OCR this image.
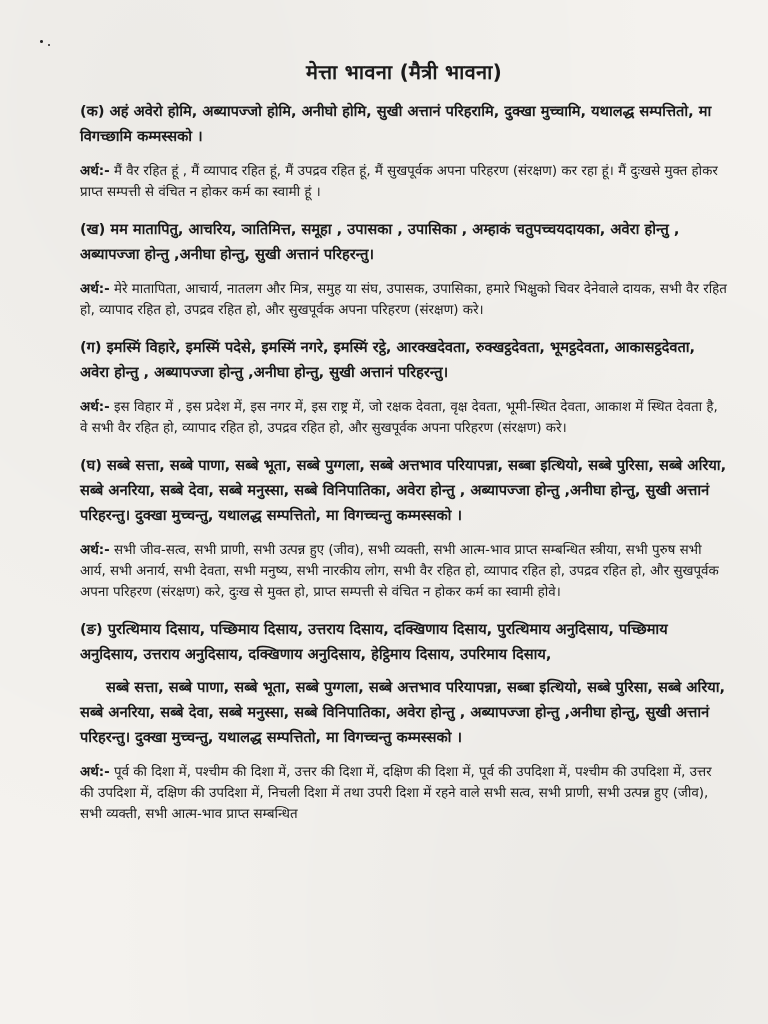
मेत्ता भावना (मैत्री भावना)

(क) अहं अवेरो होमि, अब्यापज्जो होमि, अनीघो होमि, सुखी अत्तानं परिहरामि, दुक्खा मुच्चामि, यथालद्ध सम्पत्तितो, मा विगच्छामि कम्मस्सको ।

अर्थ:- मैं वैर रहित हूं , मैं व्यापाद रहित हूं, मैं उपद्रव रहित हूं, मैं सुखपूर्वक अपना परिहरण (संरक्षण) कर रहा हूं। मैं दुःखसे मुक्त होकर प्राप्त सम्पत्ती से वंचित न होकर कर्म का स्वामी हूं ।

(ख) मम मातापितु, आचरिय, ञातिमित्त, समूहा , उपासका , उपासिका , अम्हाकं चतुपच्चयदायका, अवेरा होन्तु , अब्यापज्जा होन्तु ,अनीघा होन्तु, सुखी अत्तानं परिहरन्तु।

अर्थ:- मेरे मातापिता, आचार्य, नातलग और मित्र, समुह या संघ, उपासक, उपासिका, हमारे भिक्षुको चिवर देनेवाले दायक, सभी वैर रहित हो, व्यापाद रहित हो, उपद्रव रहित हो, और सुखपूर्वक अपना परिहरण (संरक्षण) करे।

(ग) इमस्मिं विहारे, इमस्मिं पदेसे, इमस्मिं नगरे, इमस्मिं रट्ठे, आरक्खदेवता, रुक्खट्ठदेवता, भूमट्ठदेवता, आकासट्ठदेवता, अवेरा होन्तु , अब्यापज्जा होन्तु ,अनीघा होन्तु, सुखी अत्तानं परिहरन्तु।

अर्थ:- इस विहार में , इस प्रदेश में, इस नगर में, इस राष्ट्र में, जो रक्षक देवता, वृक्ष देवता, भूमी-स्थित देवता, आकाश में स्थित देवता है, वे सभी वैर रहित हो, व्यापाद रहित हो, उपद्रव रहित हो, और सुखपूर्वक अपना परिहरण (संरक्षण) करे।

(घ) सब्बे सत्ता, सब्बे पाणा, सब्बे भूता, सब्बे पुग्गला, सब्बे अत्तभाव परियापन्ना, सब्बा इत्थियो, सब्बे पुरिसा, सब्बे अरिया, सब्बे अनरिया, सब्बे देवा, सब्बे मनुस्सा, सब्बे विनिपातिका, अवेरा होन्तु , अब्यापज्जा होन्तु ,अनीघा होन्तु, सुखी अत्तानं परिहरन्तु। दुक्खा मुच्चन्तु, यथालद्ध सम्पत्तितो, मा विगच्चन्तु कम्मस्सको ।

अर्थ:- सभी जीव-सत्व, सभी प्राणी, सभी उत्पन्न हुए (जीव), सभी व्यक्ती, सभी आत्म-भाव प्राप्त सम्बन्धित स्त्रीया, सभी पुरुष सभी आर्य, सभी अनार्य, सभी देवता, सभी मनुष्य, सभी नारकीय लोग, सभी वैर रहित हो, व्यापाद रहित हो, उपद्रव रहित हो, और सुखपूर्वक अपना परिहरण (संरक्षण) करे, दुःख से मुक्त हो, प्राप्त सम्पत्ती से वंचित न होकर कर्म का स्वामी होवे।

(ङ) पुरत्थिमाय दिसाय, पच्छिमाय दिसाय, उत्तराय दिसाय, दक्खिणाय दिसाय, पुरत्थिमाय अनुदिसाय, पच्छिमाय अनुदिसाय, उत्तराय अनुदिसाय, दक्खिणाय अनुदिसाय, हेट्ठिमाय दिसाय, उपरिमाय दिसाय,

सब्बे सत्ता, सब्बे पाणा, सब्बे भूता, सब्बे पुग्गला, सब्बे अत्तभाव परियापन्ना, सब्बा इत्थियो, सब्बे पुरिसा, सब्बे अरिया, सब्बे अनरिया, सब्बे देवा, सब्बे मनुस्सा, सब्बे विनिपातिका, अवेरा होन्तु , अब्यापज्जा होन्तु ,अनीघा होन्तु, सुखी अत्तानं परिहरन्तु। दुक्खा मुच्चन्तु, यथालद्ध सम्पत्तितो, मा विगच्चन्तु कम्मस्सको ।

अर्थ:- पूर्व की दिशा में, पश्चीम की दिशा में, उत्तर की दिशा में, दक्षिण की दिशा में, पूर्व की उपदिशा में, पश्चीम की उपदिशा में, उत्तर की उपदिशा में, दक्षिण की उपदिशा में, निचली दिशा में तथा उपरी दिशा में रहने वाले सभी सत्व, सभी प्राणी, सभी उत्पन्न हुए (जीव), सभी व्यक्ती, सभी आत्म-भाव प्राप्त सम्बन्धित
